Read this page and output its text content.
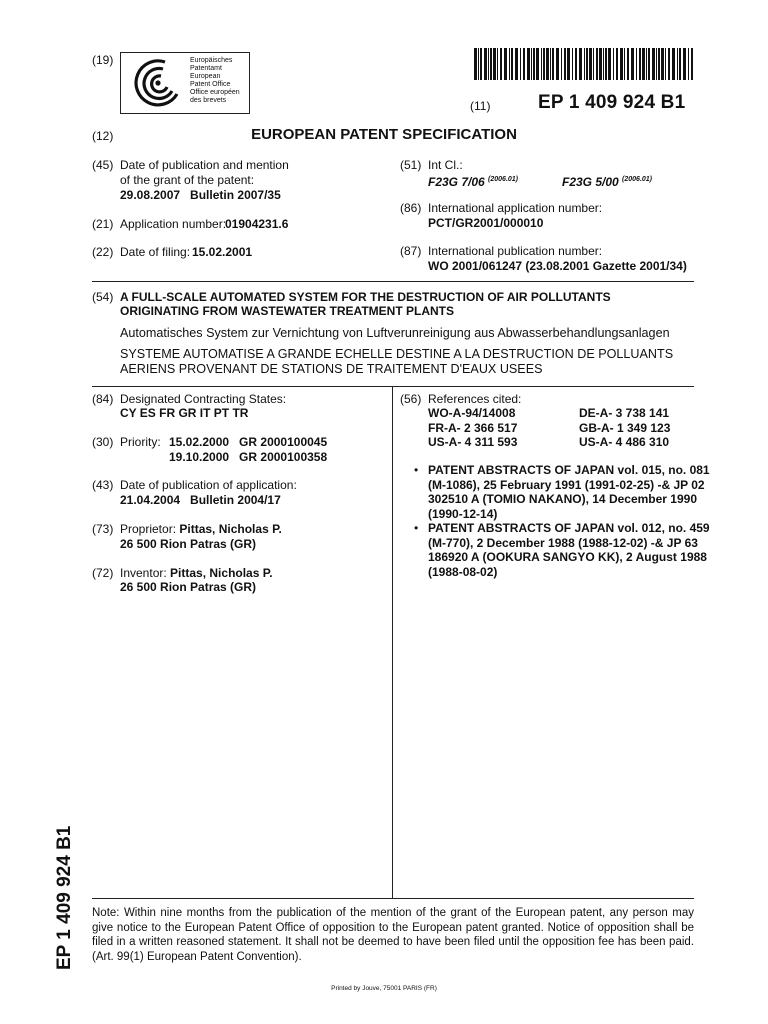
(19)	Europäisches
Patentamt
European
Patent Office
Office européen
des brevets	(11)	EP 1 409 924 B1
(12)	EUROPEAN PATENT SPECIFICATION
(45) Date of publication and mention
of the grant of the patent:
29.08.2007   Bulletin 2007/35
(21) Application number:
01904231.6
(22) Date of filing: 15.02.2001
(51) Int Cl.:
F23G 7/06 $^{(2006.01)}$	F23G 5/00 $^{(2006.01)}$
(86) International application number:
PCT/GR2001/000010
(87) International publication number:
WO 2001/061247 (23.08.2001 Gazette 2001/34)
(54) A FULL-SCALE AUTOMATED SYSTEM FOR THE DESTRUCTION OF AIR POLLUTANTS
ORIGINATING FROM WASTEWATER TREATMENT PLANTS
Automatisches System zur Vernichtung von Luftverunreinigung aus Abwasserbehandlungsanlagen
SYSTEME AUTOMATISE A GRANDE ECHELLE DESTINE A LA DESTRUCTION DE POLLUANTS
AERIENS PROVENANT DE STATIONS DE TRAITEMENT D'EAUX USEES
(84) Designated Contracting States:
CY ES FR GR IT PT TR
(30) Priority: 15.02.2000   GR 2000100045
19.10.2000   GR 2000100358
(43) Date of publication of application:
21.04.2004   Bulletin 2004/17
(73) Proprietor: Pittas, Nicholas P.
26 500 Rion Patras (GR)
(72) Inventor: Pittas, Nicholas P.
26 500 Rion Patras (GR)
(56) References cited:
WO-A-94/14008	DE-A- 3 738 141
FR-A- 2 366 517	GB-A- 1 349 123
US-A- 4 311 593	US-A- 4 486 310
• PATENT ABSTRACTS OF JAPAN vol. 015, no. 081
(M-1086), 25 February 1991 (1991-02-25) -& JP 02
302510 A (TOMIO NAKANO), 14 December 1990
(1990-12-14)
• PATENT ABSTRACTS OF JAPAN vol. 012, no. 459
(M-770), 2 December 1988 (1988-12-02) -& JP 63
186920 A (OOKURA SANGYO KK), 2 August 1988
(1988-08-02)
Note: Within nine months from the publication of the mention of the grant of the European patent, any person may give notice to the European Patent Office of opposition to the European patent granted. Notice of opposition shall be filed in a written reasoned statement. It shall not be deemed to have been filed until the opposition fee has been paid. (Art. 99(1) European Patent Convention).
EP 1 409 924 B1
Printed by Jouve, 75001 PARIS (FR)
